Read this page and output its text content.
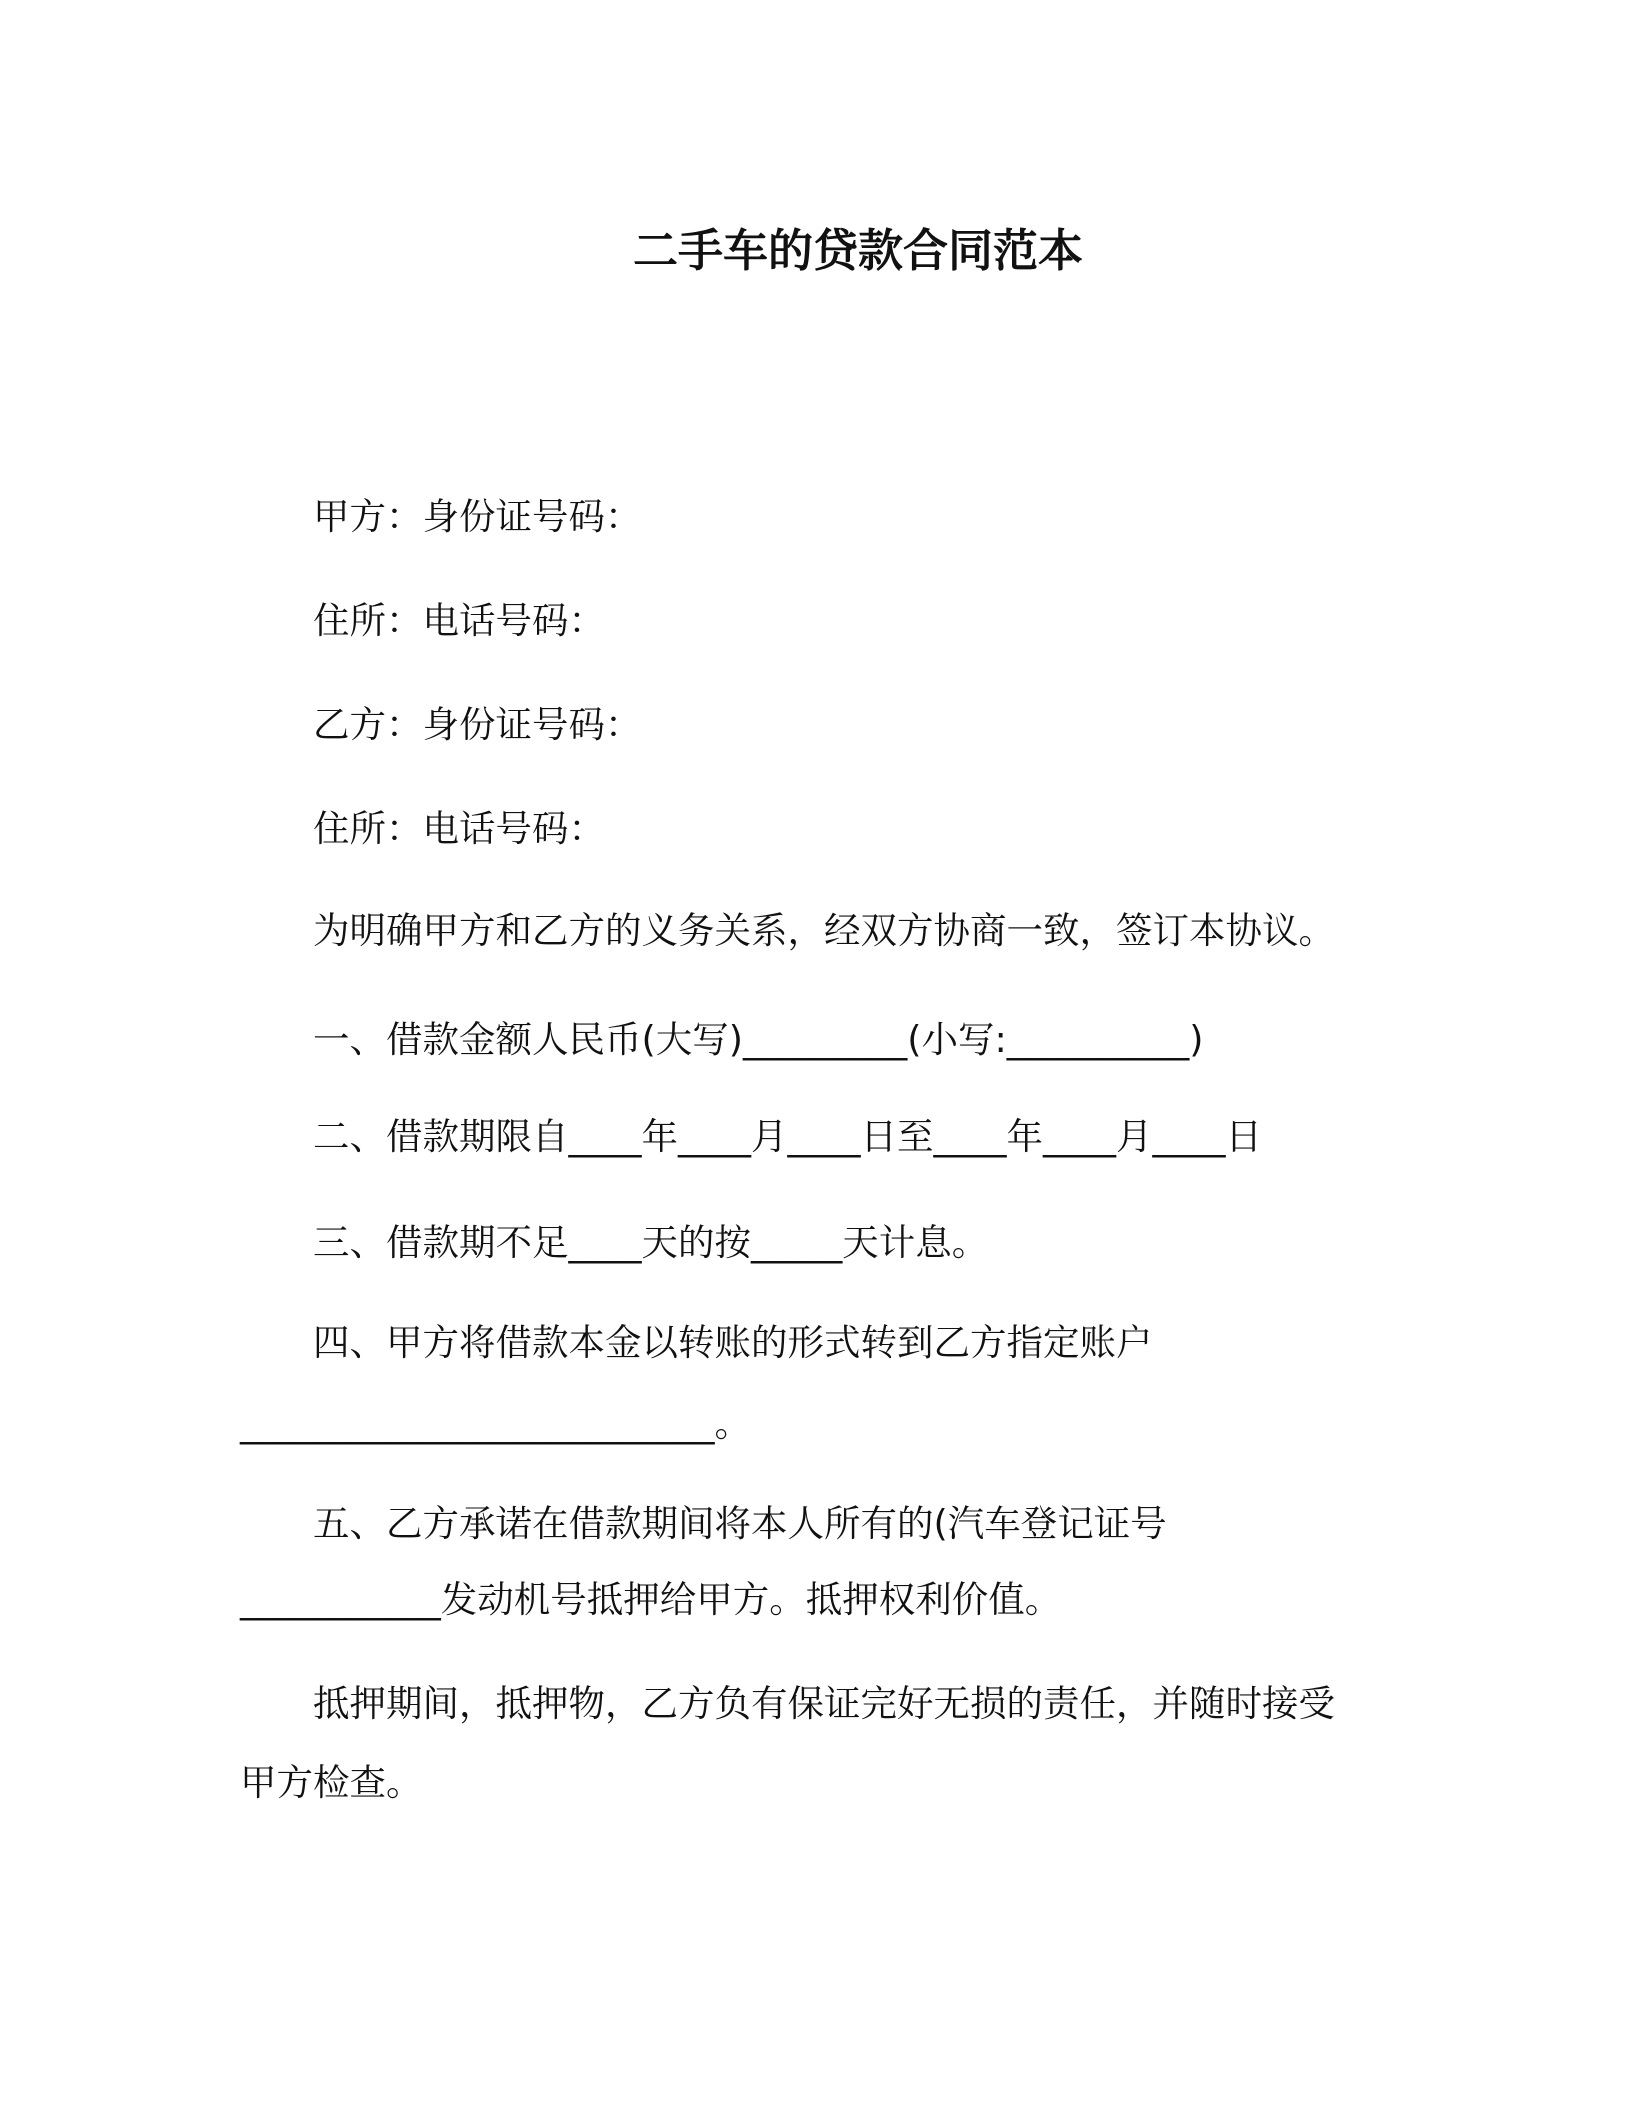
二手车的贷款合同范本
甲方：身份证号码：
住所：电话号码：
乙方：身份证号码：
住所：电话号码：
为明确甲方和乙方的义务关系，经双方协商一致，签订本协议。
一、借款金额人民币(大写)_________(小写:__________)
二、借款期限自____年____月____日至____年____月____日
三、借款期不足____天的按_____天计息。
四、甲方将借款本金以转账的形式转到乙方指定账户
__________________________。
五、乙方承诺在借款期间将本人所有的(汽车登记证号
___________发动机号抵押给甲方。抵押权利价值。
抵押期间，抵押物，乙方负有保证完好无损的责任，并随时接受
甲方检查。
